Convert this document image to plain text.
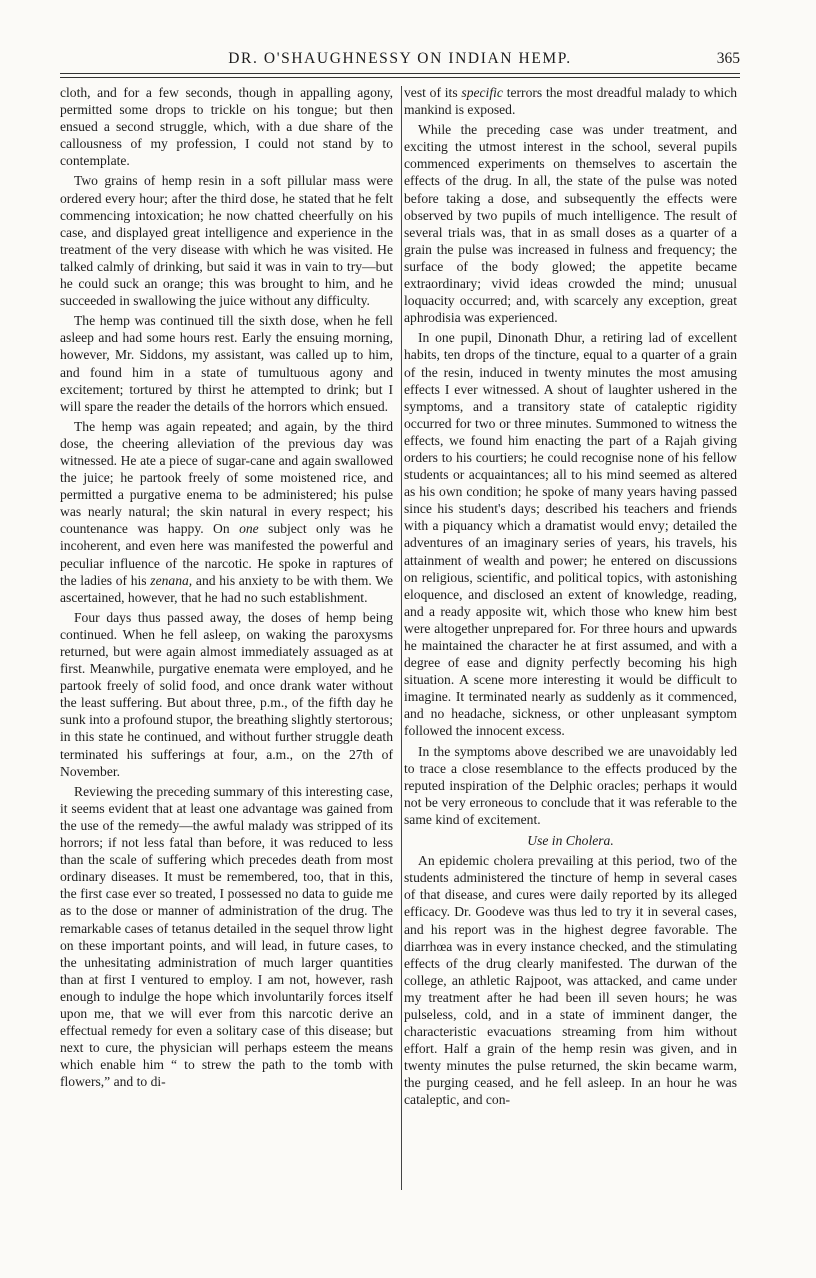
DR. O'SHAUGHNESSY ON INDIAN HEMP.	365

cloth, and for a few seconds, though in appalling agony, permitted some drops to trickle on his tongue; but then ensued a second struggle, which, with a due share of the callousness of my profession, I could not stand by to contemplate.

Two grains of hemp resin in a soft pillular mass were ordered every hour; after the third dose, he stated that he felt commencing intoxication; he now chatted cheerfully on his case, and displayed great intelligence and experience in the treatment of the very disease with which he was visited. He talked calmly of drinking, but said it was in vain to try—but he could suck an orange; this was brought to him, and he succeeded in swallowing the juice without any difficulty.

The hemp was continued till the sixth dose, when he fell asleep and had some hours rest. Early the ensuing morning, however, Mr. Siddons, my assistant, was called up to him, and found him in a state of tumultuous agony and excitement; tortured by thirst he attempted to drink; but I will spare the reader the details of the horrors which ensued.

The hemp was again repeated; and again, by the third dose, the cheering alleviation of the previous day was witnessed. He ate a piece of sugar-cane and again swallowed the juice; he partook freely of some moistened rice, and permitted a purgative enema to be administered; his pulse was nearly natural; the skin natural in every respect; his countenance was happy. On one subject only was he incoherent, and even here was manifested the powerful and peculiar influence of the narcotic. He spoke in raptures of the ladies of his zenana, and his anxiety to be with them. We ascertained, however, that he had no such establishment.

Four days thus passed away, the doses of hemp being continued. When he fell asleep, on waking the paroxysms returned, but were again almost immediately assuaged as at first. Meanwhile, purgative enemata were employed, and he partook freely of solid food, and once drank water without the least suffering. But about three, p.m., of the fifth day he sunk into a profound stupor, the breathing slightly stertorous; in this state he continued, and without further struggle death terminated his sufferings at four, a.m., on the 27th of November.

Reviewing the preceding summary of this interesting case, it seems evident that at least one advantage was gained from the use of the remedy—the awful malady was stripped of its horrors; if not less fatal than before, it was reduced to less than the scale of suffering which precedes death from most ordinary diseases. It must be remembered, too, that in this, the first case ever so treated, I possessed no data to guide me as to the dose or manner of administration of the drug. The remarkable cases of tetanus detailed in the sequel throw light on these important points, and will lead, in future cases, to the unhesitating administration of much larger quantities than at first I ventured to employ. I am not, however, rash enough to indulge the hope which involuntarily forces itself upon me, that we will ever from this narcotic derive an effectual remedy for even a solitary case of this disease; but next to cure, the physician will perhaps esteem the means which enable him “ to strew the path to the tomb with flowers,” and to di-

vest of its specific terrors the most dreadful malady to which mankind is exposed.

While the preceding case was under treatment, and exciting the utmost interest in the school, several pupils commenced experiments on themselves to ascertain the effects of the drug. In all, the state of the pulse was noted before taking a dose, and subsequently the effects were observed by two pupils of much intelligence. The result of several trials was, that in as small doses as a quarter of a grain the pulse was increased in fulness and frequency; the surface of the body glowed; the appetite became extraordinary; vivid ideas crowded the mind; unusual loquacity occurred; and, with scarcely any exception, great aphrodisia was experienced.

In one pupil, Dinonath Dhur, a retiring lad of excellent habits, ten drops of the tincture, equal to a quarter of a grain of the resin, induced in twenty minutes the most amusing effects I ever witnessed. A shout of laughter ushered in the symptoms, and a transitory state of cataleptic rigidity occurred for two or three minutes. Summoned to witness the effects, we found him enacting the part of a Rajah giving orders to his courtiers; he could recognise none of his fellow students or acquaintances; all to his mind seemed as altered as his own condition; he spoke of many years having passed since his student's days; described his teachers and friends with a piquancy which a dramatist would envy; detailed the adventures of an imaginary series of years, his travels, his attainment of wealth and power; he entered on discussions on religious, scientific, and political topics, with astonishing eloquence, and disclosed an extent of knowledge, reading, and a ready apposite wit, which those who knew him best were altogether unprepared for. For three hours and upwards he maintained the character he at first assumed, and with a degree of ease and dignity perfectly becoming his high situation. A scene more interesting it would be difficult to imagine. It terminated nearly as suddenly as it commenced, and no headache, sickness, or other unpleasant symptom followed the innocent excess.

In the symptoms above described we are unavoidably led to trace a close resemblance to the effects produced by the reputed inspiration of the Delphic oracles; perhaps it would not be very erroneous to conclude that it was referable to the same kind of excitement.

Use in Cholera.

An epidemic cholera prevailing at this period, two of the students administered the tincture of hemp in several cases of that disease, and cures were daily reported by its alleged efficacy. Dr. Goodeve was thus led to try it in several cases, and his report was in the highest degree favorable. The diarrhœa was in every instance checked, and the stimulating effects of the drug clearly manifested. The durwan of the college, an athletic Rajpoot, was attacked, and came under my treatment after he had been ill seven hours; he was pulseless, cold, and in a state of imminent danger, the characteristic evacuations streaming from him without effort. Half a grain of the hemp resin was given, and in twenty minutes the pulse returned, the skin became warm, the purging ceased, and he fell asleep. In an hour he was cataleptic, and con-
